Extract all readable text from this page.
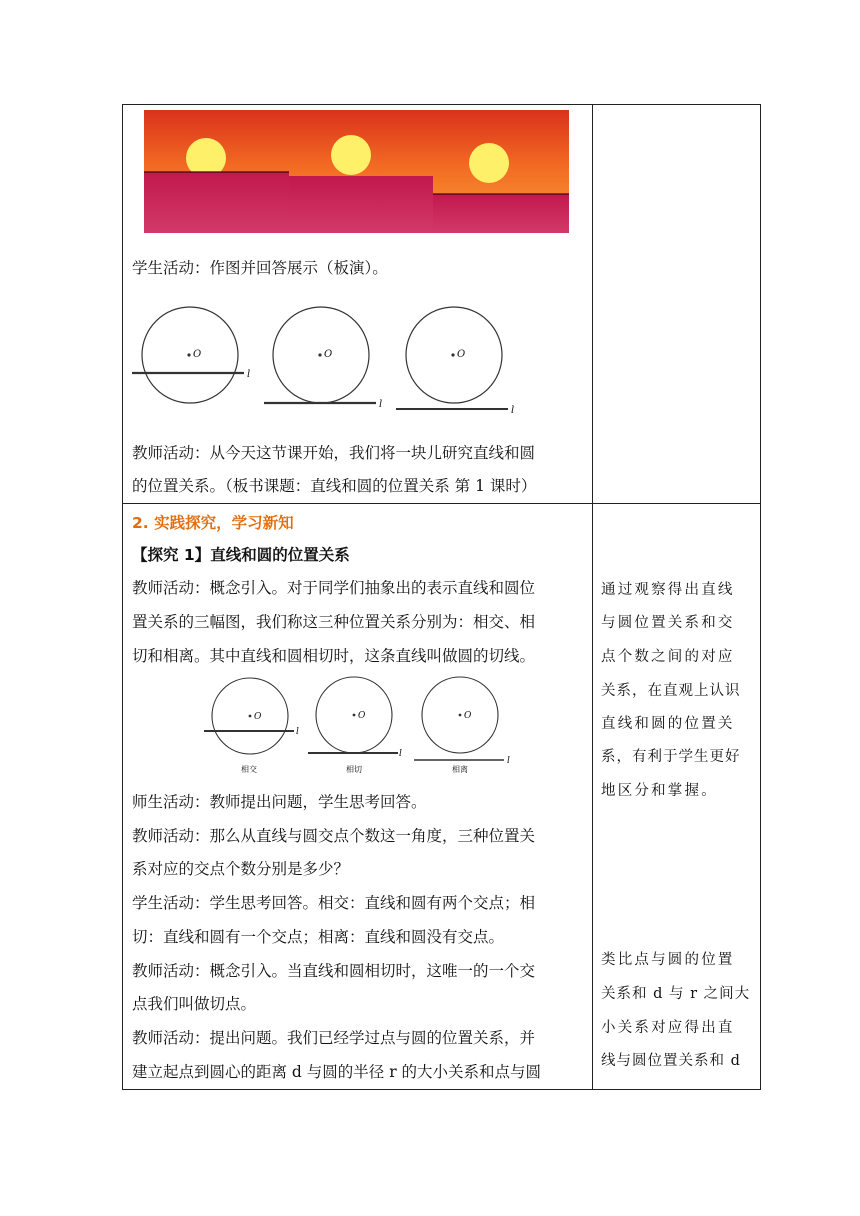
学生活动：作图并回答展示（板演）。
O
l
O
l
O
l
教师活动：从今天这节课开始，我们将一块儿研究直线和圆
的位置关系。（板书课题：直线和圆的位置关系 第 1 课时）
2. 实践探究，学习新知
【探究 1】直线和圆的位置关系
教师活动：概念引入。对于同学们抽象出的表示直线和圆位
置关系的三幅图，我们称这三种位置关系分别为：相交、相
切和相离。其中直线和圆相切时，这条直线叫做圆的切线。
O
l
相交
O
l
相切
O
l
相离
师生活动：教师提出问题，学生思考回答。
教师活动：那么从直线与圆交点个数这一角度，三种位置关
系对应的交点个数分别是多少？
学生活动：学生思考回答。相交：直线和圆有两个交点；相
切：直线和圆有一个交点；相离：直线和圆没有交点。
教师活动：概念引入。当直线和圆相切时，这唯一的一个交
点我们叫做切点。
教师活动：提出问题。我们已经学过点与圆的位置关系，并
建立起点到圆心的距离 d 与圆的半径 r 的大小关系和点与圆
通过观察得出直线
与圆位置关系和交
点个数之间的对应
关系，在直观上认识
直线和圆的位置关
系，有利于学生更好
地区分和掌握。
类比点与圆的位置
关系和 d 与 r 之间大
小关系对应得出直
线与圆位置关系和 d
